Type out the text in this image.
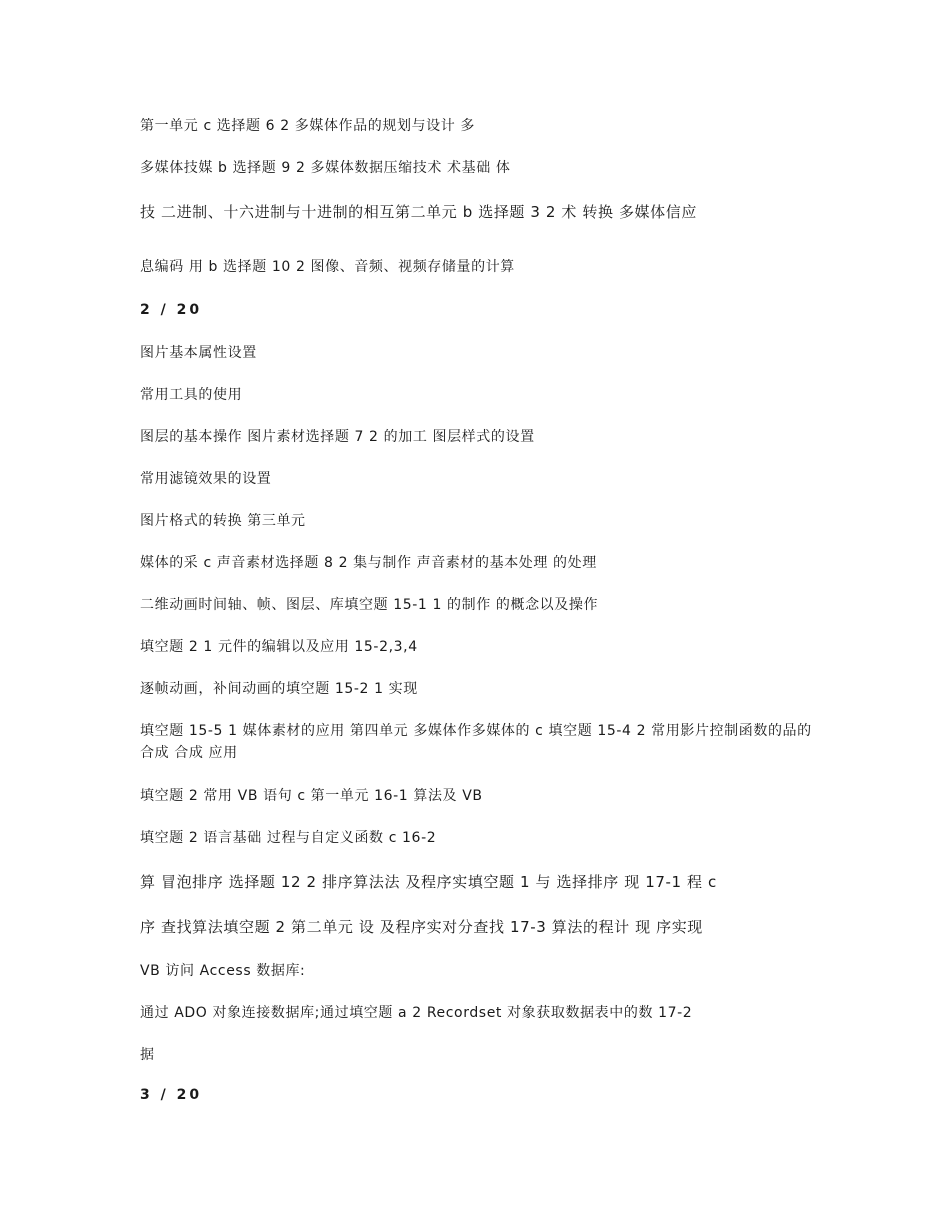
第一单元 c 选择题 6 2 多媒体作品的规划与设计 多
多媒体技媒 b 选择题 9 2 多媒体数据压缩技术 术基础 体
技 二进制、十六进制与十进制的相互第二单元 b 选择题 3 2 术 转换 多媒体信应
息编码 用 b 选择题 10 2 图像、音频、视频存储量的计算
2 / 20
图片基本属性设置
常用工具的使用
图层的基本操作 图片素材选择题 7 2 的加工 图层样式的设置
常用滤镜效果的设置
图片格式的转换 第三单元
媒体的采 c 声音素材选择题 8 2 集与制作 声音素材的基本处理 的处理
二维动画时间轴、帧、图层、库填空题 15-1 1 的制作 的概念以及操作
填空题 2 1 元件的编辑以及应用 15-2,3,4
逐帧动画，补间动画的填空题 15-2 1 实现
填空题 15-5 1 媒体素材的应用 第四单元 多媒体作多媒体的 c 填空题 15-4 2 常用影片控制函数的品的合成 合成 应用
填空题 2 常用 VB 语句 c 第一单元 16-1 算法及 VB
填空题 2 语言基础 过程与自定义函数 c 16-2
算 冒泡排序 选择题 12 2 排序算法法 及程序实填空题 1 与 选择排序 现 17-1 程 c
序 查找算法填空题 2 第二单元 设 及程序实对分查找 17-3 算法的程计 现 序实现
VB 访问 Access 数据库:
通过 ADO 对象连接数据库;通过填空题 a 2 Recordset 对象获取数据表中的数 17-2
据
3 / 20
